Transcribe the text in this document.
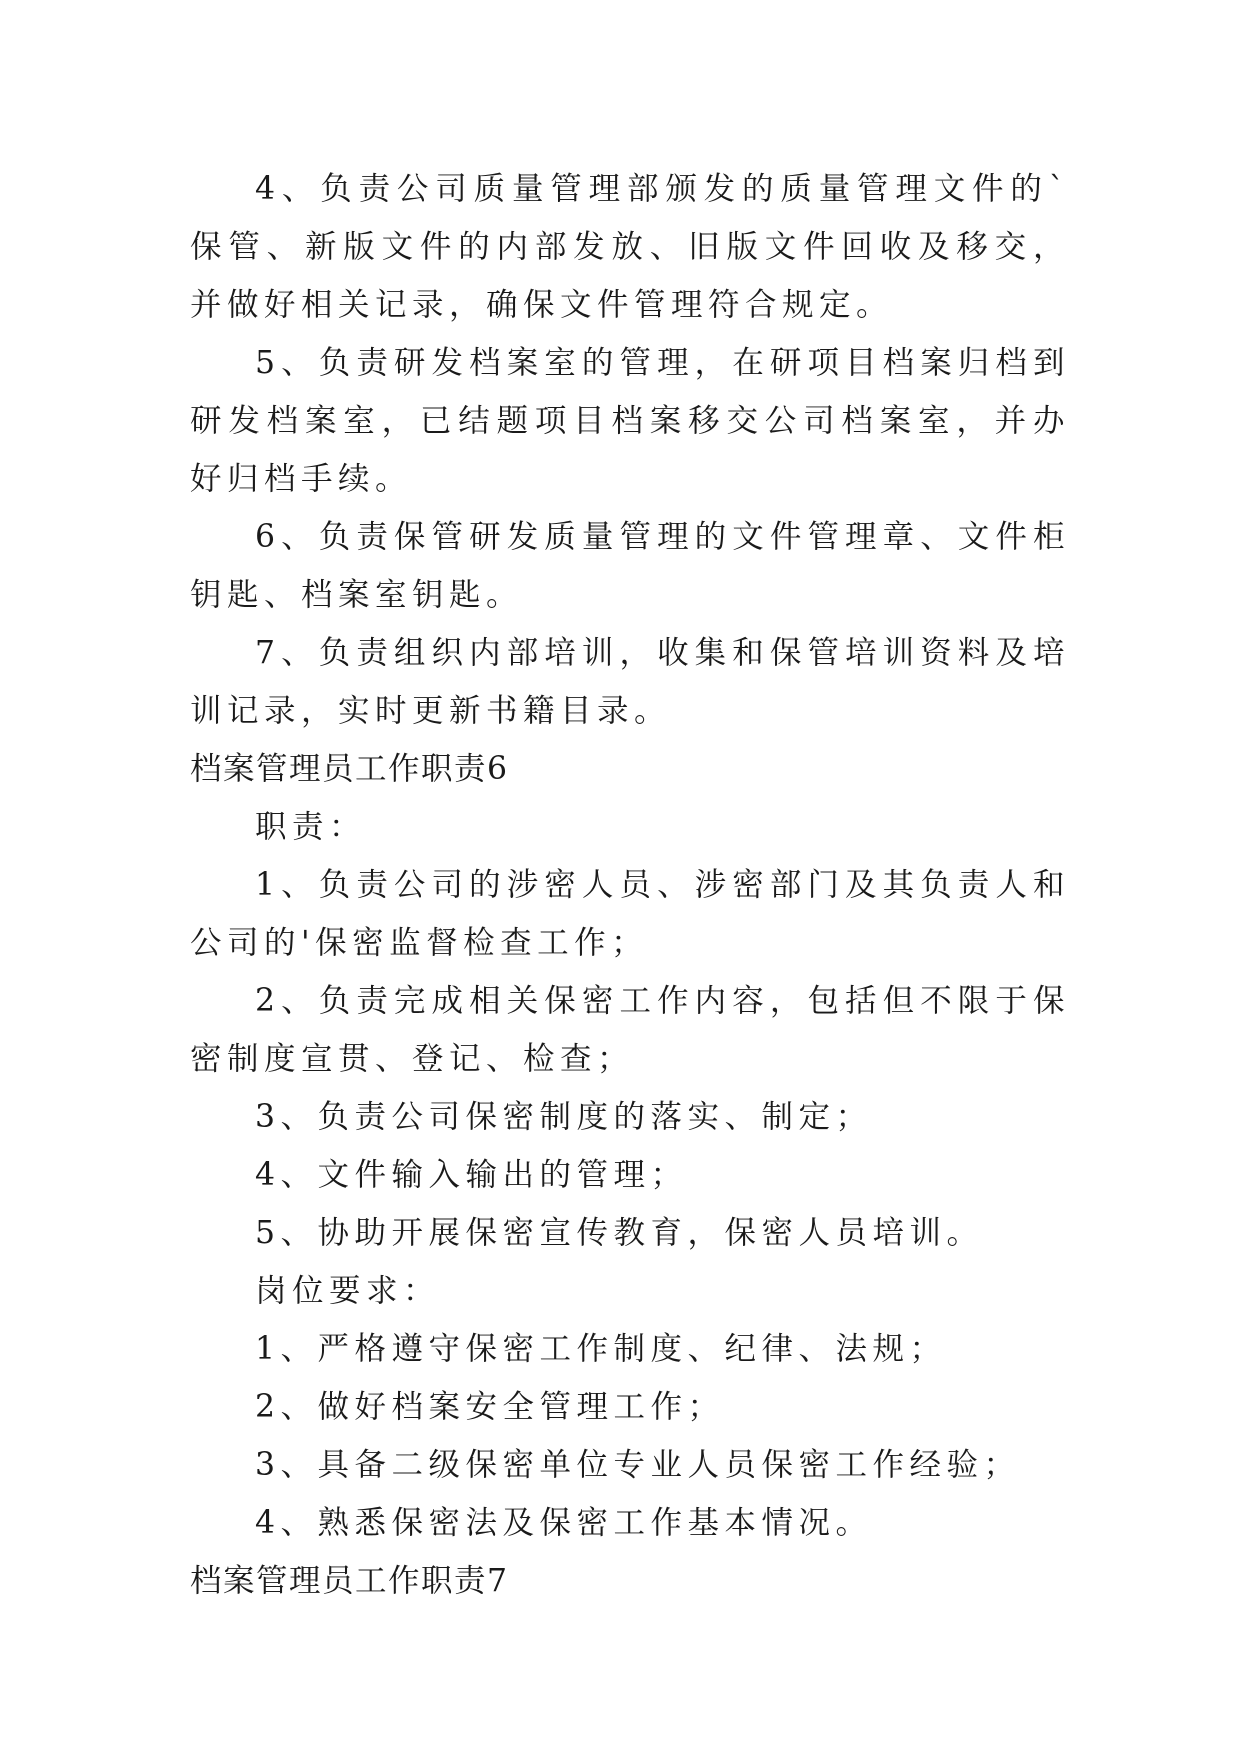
4、负责公司质量管理部颁发的质量管理文件的`保管、新版文件的内部发放、旧版文件回收及移交，并做好相关记录，确保文件管理符合规定。

5、负责研发档案室的管理，在研项目档案归档到研发档案室，已结题项目档案移交公司档案室，并办好归档手续。

6、负责保管研发质量管理的文件管理章、文件柜钥匙、档案室钥匙。

7、负责组织内部培训，收集和保管培训资料及培训记录，实时更新书籍目录。

档案管理员工作职责6

职责：

1、负责公司的涉密人员、涉密部门及其负责人和公司的'保密监督检查工作；

2、负责完成相关保密工作内容，包括但不限于保密制度宣贯、登记、检查；

3、负责公司保密制度的落实、制定；

4、文件输入输出的管理；

5、协助开展保密宣传教育，保密人员培训。

岗位要求：

1、严格遵守保密工作制度、纪律、法规；

2、做好档案安全管理工作；

3、具备二级保密单位专业人员保密工作经验；

4、熟悉保密法及保密工作基本情况。

档案管理员工作职责7
